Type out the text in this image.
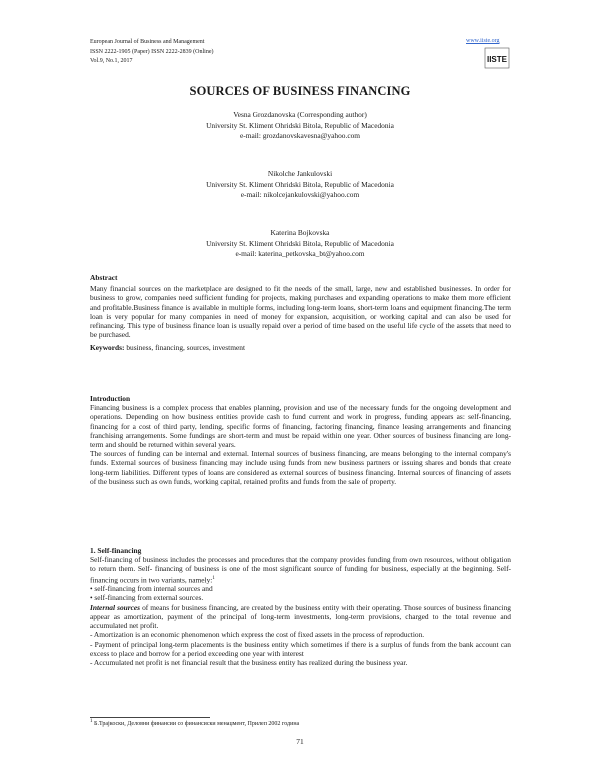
European Journal of Business and Management
ISSN 2222-1905 (Paper) ISSN 2222-2839 (Online)
Vol.9, No.1, 2017
www.iiste.org
IISTE
SOURCES OF BUSINESS FINANCING
Vesna Grozdanovska (Corresponding author)
University St. Kliment Ohridski Bitola, Republic of Macedonia
e-mail: grozdanovskavesna@yahoo.com
Nikolche Jankulovski
University St. Kliment Ohridski Bitola, Republic of Macedonia
e-mail: nikolcejankulovski@yahoo.com
Katerina Bojkovska
University St. Kliment Ohridski Bitola, Republic of Macedonia
e-mail: katerina_petkovska_bt@yahoo.com

Abstract

Many financial sources on the marketplace are designed to fit the needs of the small, large, new and established businesses. In order for business to grow, companies need sufficient funding for projects, making purchases and expanding operations to make them more efficient and profitable.Business finance is available in multiple forms, including long-term loans, short-term loans and equipment financing.The term loan is very popular for many companies in need of money for expansion, acquisition, or working capital and can also be used for refinancing. This type of business finance loan is usually repaid over a period of time based on the useful life cycle of the assets that need to be purchased.

Keywords: business, financing, sources, investment

Introduction

Financing business is a complex process that enables planning, provision and use of the necessary funds for the ongoing development and operations. Depending on how business entities provide cash to fund current and work in progress, funding appears as: self-financing, financing for a cost of third party, lending, specific forms of financing, factoring financing, finance leasing arrangements and financing franchising arrangements. Some fundings are short-term and must be repaid within one year. Other sources of business financing are long-term and should be returned within several years.

The sources of funding can be internal and external. Internal sources of business financing, are means belonging to the internal company's funds. External sources of business financing may include using funds from new business partners or issuing shares and bonds that create long-term liabilities. Different types of loans are considered as external sources of business financing. Internal sources of financing of assets of the business such as own funds, working capital, retained profits and funds from the sale of property.

1. Self-financing

Self-financing of business includes the processes and procedures that the company provides funding from own resources, without obligation to return them. Self- financing of business is one of the most significant source of funding for business, especially at the beginning. Self-financing occurs in two variants, namely:$^1$

• self-financing from internal sources and

• self-financing from external sources.

Internal sources of means for business financing, are created by the business entity with their operating. Those sources of business financing appear as amortization, payment of the principal of long-term investments, long-term provisions, charged to the total revenue and accumulated net profit.

- Amortization is an economic phenomenon which express the cost of fixed assets in the process of reproduction.

- Payment of principal long-term placements is the business entity which sometimes if there is a surplus of funds from the bank account can excess to place and borrow for a period exceeding one year with interest

- Accumulated net profit is net financial result that the business entity has realized during the business year.

$^1$ Б.Трајкоски, Деловни финансии со финансиски менаџмент, Прилеп 2002 година
71
